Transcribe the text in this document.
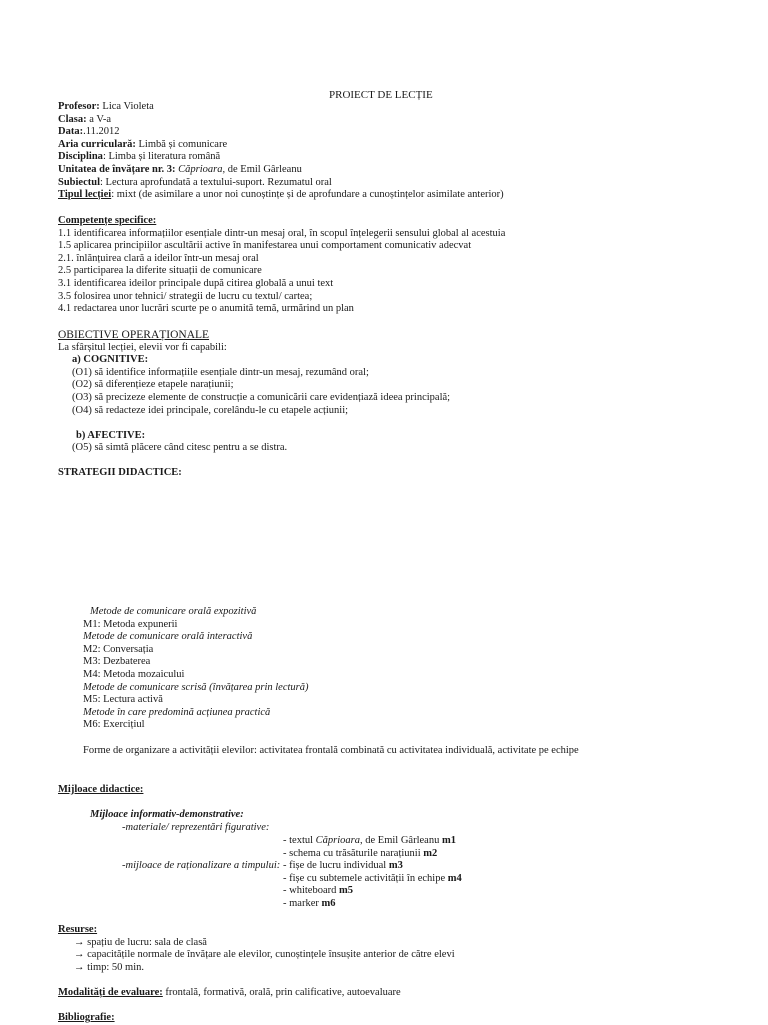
PROIECT DE LECȚIE
Profesor: Lica Violeta
Clasa: a V-a
Data:.11.2012
Aria curriculară: Limbă și comunicare
Disciplina: Limba și literatura română
Unitatea de învățare nr. 3: Căprioara, de Emil Gârleanu
Subiectul: Lectura aprofundată a textului-suport. Rezumatul oral
Tipul lecției: mixt (de asimilare a unor noi cunoștințe și de aprofundare a cunoștințelor asimilate anterior)
Competențe specifice:
1.1 identificarea informațiilor esențiale dintr-un mesaj oral, în scopul înțelegerii sensului global al acestuia
1.5 aplicarea principiilor ascultării active în manifestarea unui comportament comunicativ adecvat
2.1. înlănțuirea clară a ideilor într-un mesaj oral
2.5 participarea la diferite situații de comunicare
3.1 identificarea ideilor principale după citirea globală a unui text
3.5 folosirea unor tehnici/ strategii de lucru cu textul/ cartea;
4.1 redactarea unor lucrări scurte pe o anumită temă, urmărind un plan
OBIECTIVE OPERAȚIONALE
La sfârșitul lecției, elevii vor fi capabili:
a) COGNITIVE:
(O1) să identifice informațiile esențiale dintr-un mesaj, rezumând oral;
(O2) să diferențieze etapele narațiunii;
(O3) să precizeze elemente de construcție a comunicării care evidențiază ideea principală;
(O4) să redacteze idei principale, corelându-le cu etapele acțiunii;
b) AFECTIVE:
(O5) să simtă plăcere când citesc pentru a se distra.
STRATEGII DIDACTICE:
Metode de comunicare orală expozitivă
M1: Metoda expunerii
Metode de comunicare orală interactivă
M2: Conversația
M3: Dezbaterea
M4: Metoda mozaicului
Metode de comunicare scrisă (învățarea prin lectură)
M5: Lectura activă
Metode în care predomină acțiunea practică
M6: Exercițiul
Forme de organizare a activității elevilor: activitatea frontală combinată cu activitatea individuală, activitate pe echipe
Mijloace didactice:
Mijloace informativ-demonstrative:
-materiale/ reprezentări figurative:
-mijloace de raționalizare a timpului:
- textul Căprioara, de Emil Gârleanu m1
- schema cu trăsăturile narațiunii m2
- fișe de lucru individual m3
- fișe cu subtemele activității în echipe m4
- whiteboard m5
- marker m6
Resurse:
→ spațiu de lucru: sala de clasă
→ capacitățile normale de învățare ale elevilor, cunoștințele însușite anterior de către elevi
→ timp: 50 min.
Modalități de evaluare: frontală, formativă, orală, prin calificative, autoevaluare
Bibliografie:
